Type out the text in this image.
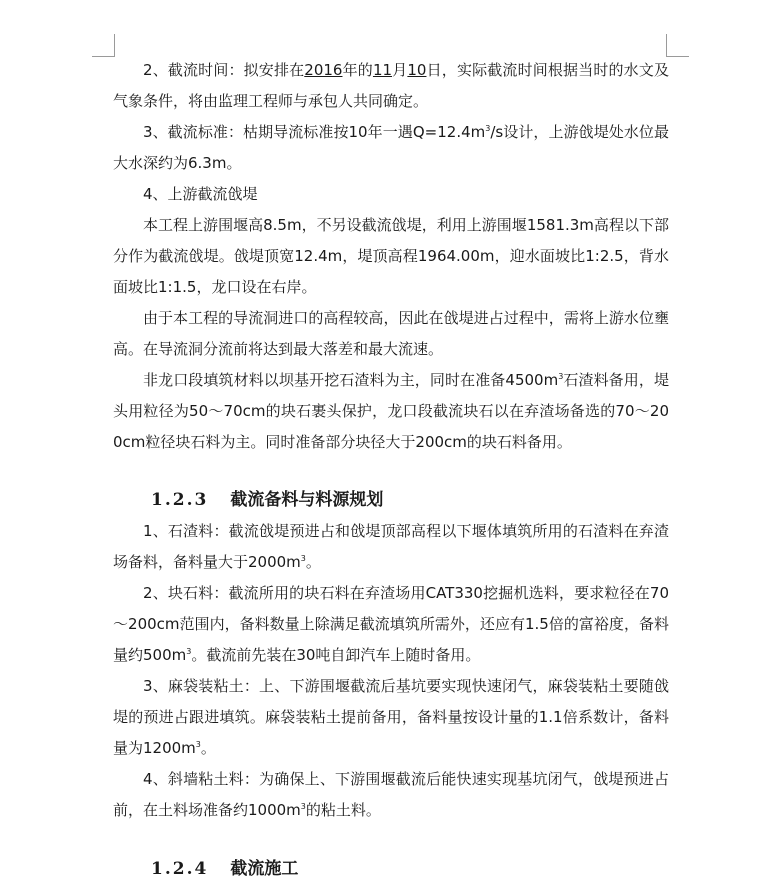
2、截流时间：拟安排在2016年的11月10日，实际截流时间根据当时的水文及气象条件，将由监理工程师与承包人共同确定。

3、截流标准：枯期导流标准按10年一遇$Q=12.4m^3/s$设计，上游戗堤处水位最大水深约为6.3m。

4、上游截流戗堤

本工程上游围堰高8.5m，不另设截流戗堤，利用上游围堰1581.3m高程以下部分作为截流戗堤。戗堤顶宽12.4m，堤顶高程1964.00m，迎水面坡比1:2.5，背水面坡比1:1.5，龙口设在右岸。

由于本工程的导流洞进口的高程较高，因此在戗堤进占过程中，需将上游水位壅高。在导流洞分流前将达到最大落差和最大流速。

非龙口段填筑材料以坝基开挖石渣料为主，同时在准备$4500m^3$石渣料备用，堤头用粒径为50～70cm的块石裹头保护，龙口段截流块石以在弃渣场备选的70～200cm粒径块石料为主。同时准备部分块径大于200cm的块石料备用。

1.2.3 截流备料与料源规划

1、石渣料：截流戗堤预进占和戗堤顶部高程以下堰体填筑所用的石渣料在弃渣场备料，备料量大于$2000m^3$。

2、块石料：截流所用的块石料在弃渣场用CAT330挖掘机选料，要求粒径在70～200cm范围内，备料数量上除满足截流填筑所需外，还应有1.5倍的富裕度，备料量约$500m^3$。截流前先装在30吨自卸汽车上随时备用。

3、麻袋装粘土：上、下游围堰截流后基坑要实现快速闭气，麻袋装粘土要随戗堤的预进占跟进填筑。麻袋装粘土提前备用，备料量按设计量的1.1倍系数计，备料量为$1200m^3$。

4、斜墙粘土料：为确保上、下游围堰截流后能快速实现基坑闭气，戗堤预进占前，在土料场准备约$1000m^3$的粘土料。

1.2.4 截流施工
